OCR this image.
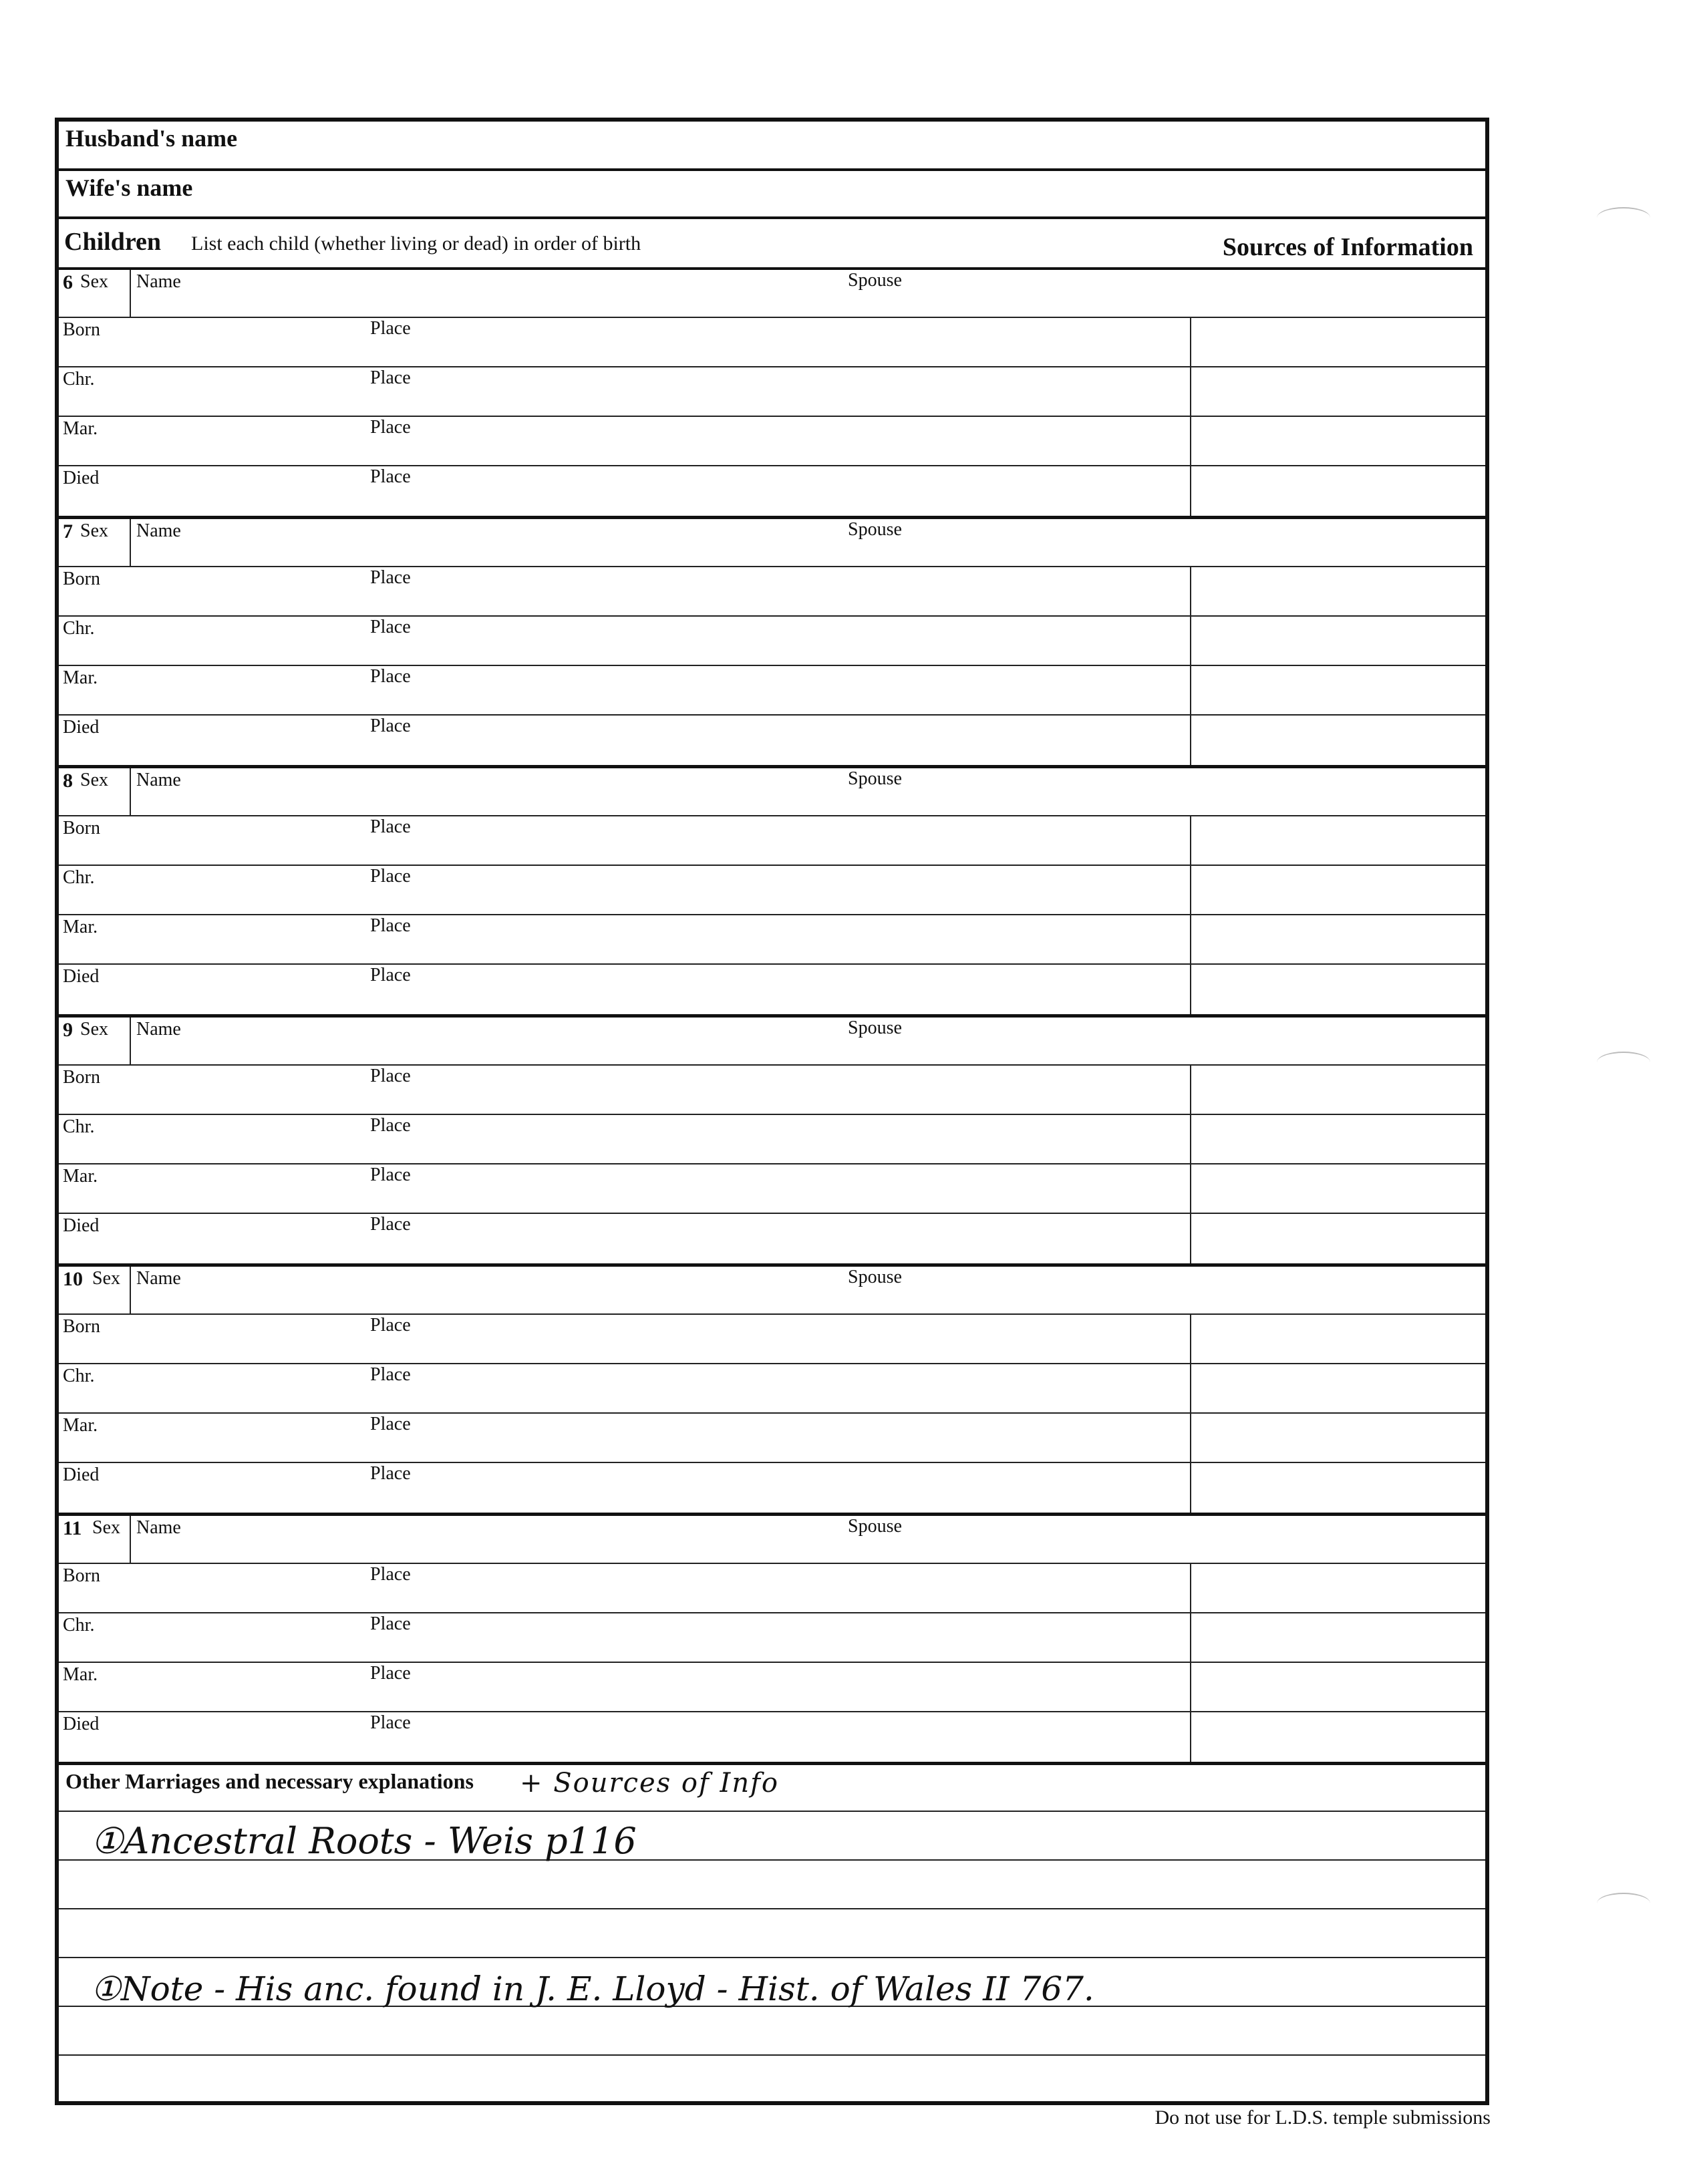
Husband's name
Wife's name
Children List each child (whether living or dead) in order of birth	Sources of Information
6 Sex Name	Spouse
Born	Place
Chr.	Place
Mar.	Place
Died	Place
7 Sex Name	Spouse
Born	Place
Chr.	Place
Mar.	Place
Died	Place
8 Sex Name	Spouse
Born	Place
Chr.	Place
Mar.	Place
Died	Place
9 Sex Name	Spouse
Born	Place
Chr.	Place
Mar.	Place
Died	Place
10 Sex Name	Spouse
Born	Place
Chr.	Place
Mar.	Place
Died	Place
11 Sex Name	Spouse
Born	Place
Chr.	Place
Mar.	Place
Died	Place
Other Marriages and necessary explanations + Sources of Info
①Ancestral Roots - Weis p116
①Note - His anc. found in J. E. Lloyd - Hist. of Wales II 767.
Do not use for L.D.S. temple submissions
